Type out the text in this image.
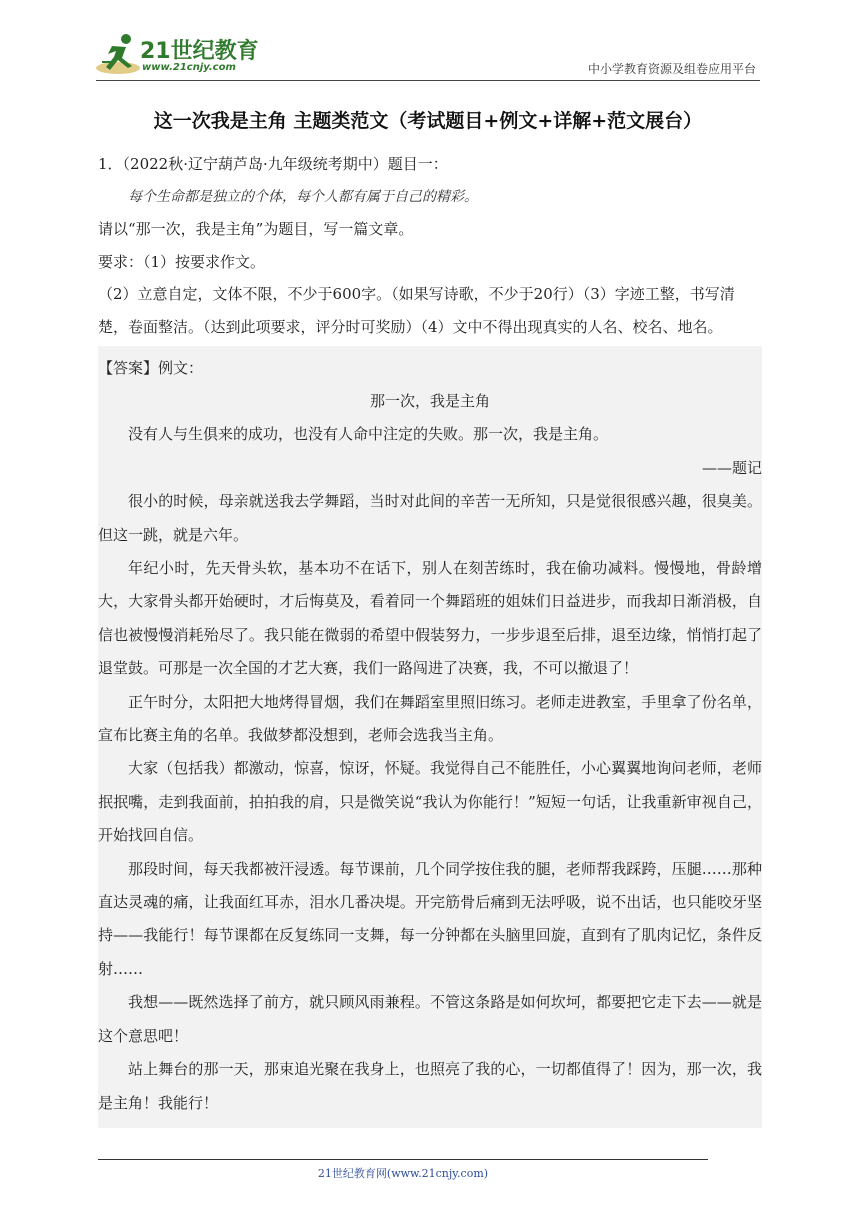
21世纪教育
www.21cnjy.com	中小学教育资源及组卷应用平台
这一次我是主角 主题类范文（考试题目+例文+详解+范文展台）
1．（2022秋·辽宁葫芦岛·九年级统考期中）题目一：
每个生命都是独立的个体，每个人都有属于自己的精彩。
请以“那一次，我是主角”为题目，写一篇文章。
要求：（1）按要求作文。
（2）立意自定，文体不限，不少于600字。（如果写诗歌，不少于20行）（3）字迹工整，书写清
楚，卷面整洁。（达到此项要求，评分时可奖励）（4）文中不得出现真实的人名、校名、地名。
【答案】例文：
那一次，我是主角
没有人与生俱来的成功，也没有人命中注定的失败。那一次，我是主角。
——题记
很小的时候，母亲就送我去学舞蹈，当时对此间的辛苦一无所知，只是觉很很感兴趣，很臭美。但这一跳，就是六年。
年纪小时，先天骨头软，基本功不在话下，别人在刻苦练时，我在偷功减料。慢慢地，骨龄增大，大家骨头都开始硬时，才后悔莫及，看着同一个舞蹈班的姐妹们日益进步，而我却日渐消极，自信也被慢慢消耗殆尽了。我只能在微弱的希望中假装努力，一步步退至后排，退至边缘，悄悄打起了退堂鼓。可那是一次全国的才艺大赛，我们一路闯进了决赛，我，不可以撤退了！
正午时分，太阳把大地烤得冒烟，我们在舞蹈室里照旧练习。老师走进教室，手里拿了份名单，宣布比赛主角的名单。我做梦都没想到，老师会选我当主角。
大家（包括我）都激动，惊喜，惊讶，怀疑。我觉得自己不能胜任，小心翼翼地询问老师，老师抿抿嘴，走到我面前，拍拍我的肩，只是微笑说“我认为你能行！”短短一句话，让我重新审视自己，开始找回自信。
那段时间，每天我都被汗浸透。每节课前，几个同学按住我的腿，老师帮我踩跨，压腿……那种直达灵魂的痛，让我面红耳赤，泪水几番决堤。开完筋骨后痛到无法呼吸，说不出话，也只能咬牙坚持——我能行！每节课都在反复练同一支舞，每一分钟都在头脑里回旋，直到有了肌肉记忆，条件反射……
我想——既然选择了前方，就只顾风雨兼程。不管这条路是如何坎坷，都要把它走下去——就是这个意思吧！
站上舞台的那一天，那束追光聚在我身上，也照亮了我的心，一切都值得了！因为，那一次，我是主角！我能行！
21世纪教育网(www.21cnjy.com)
